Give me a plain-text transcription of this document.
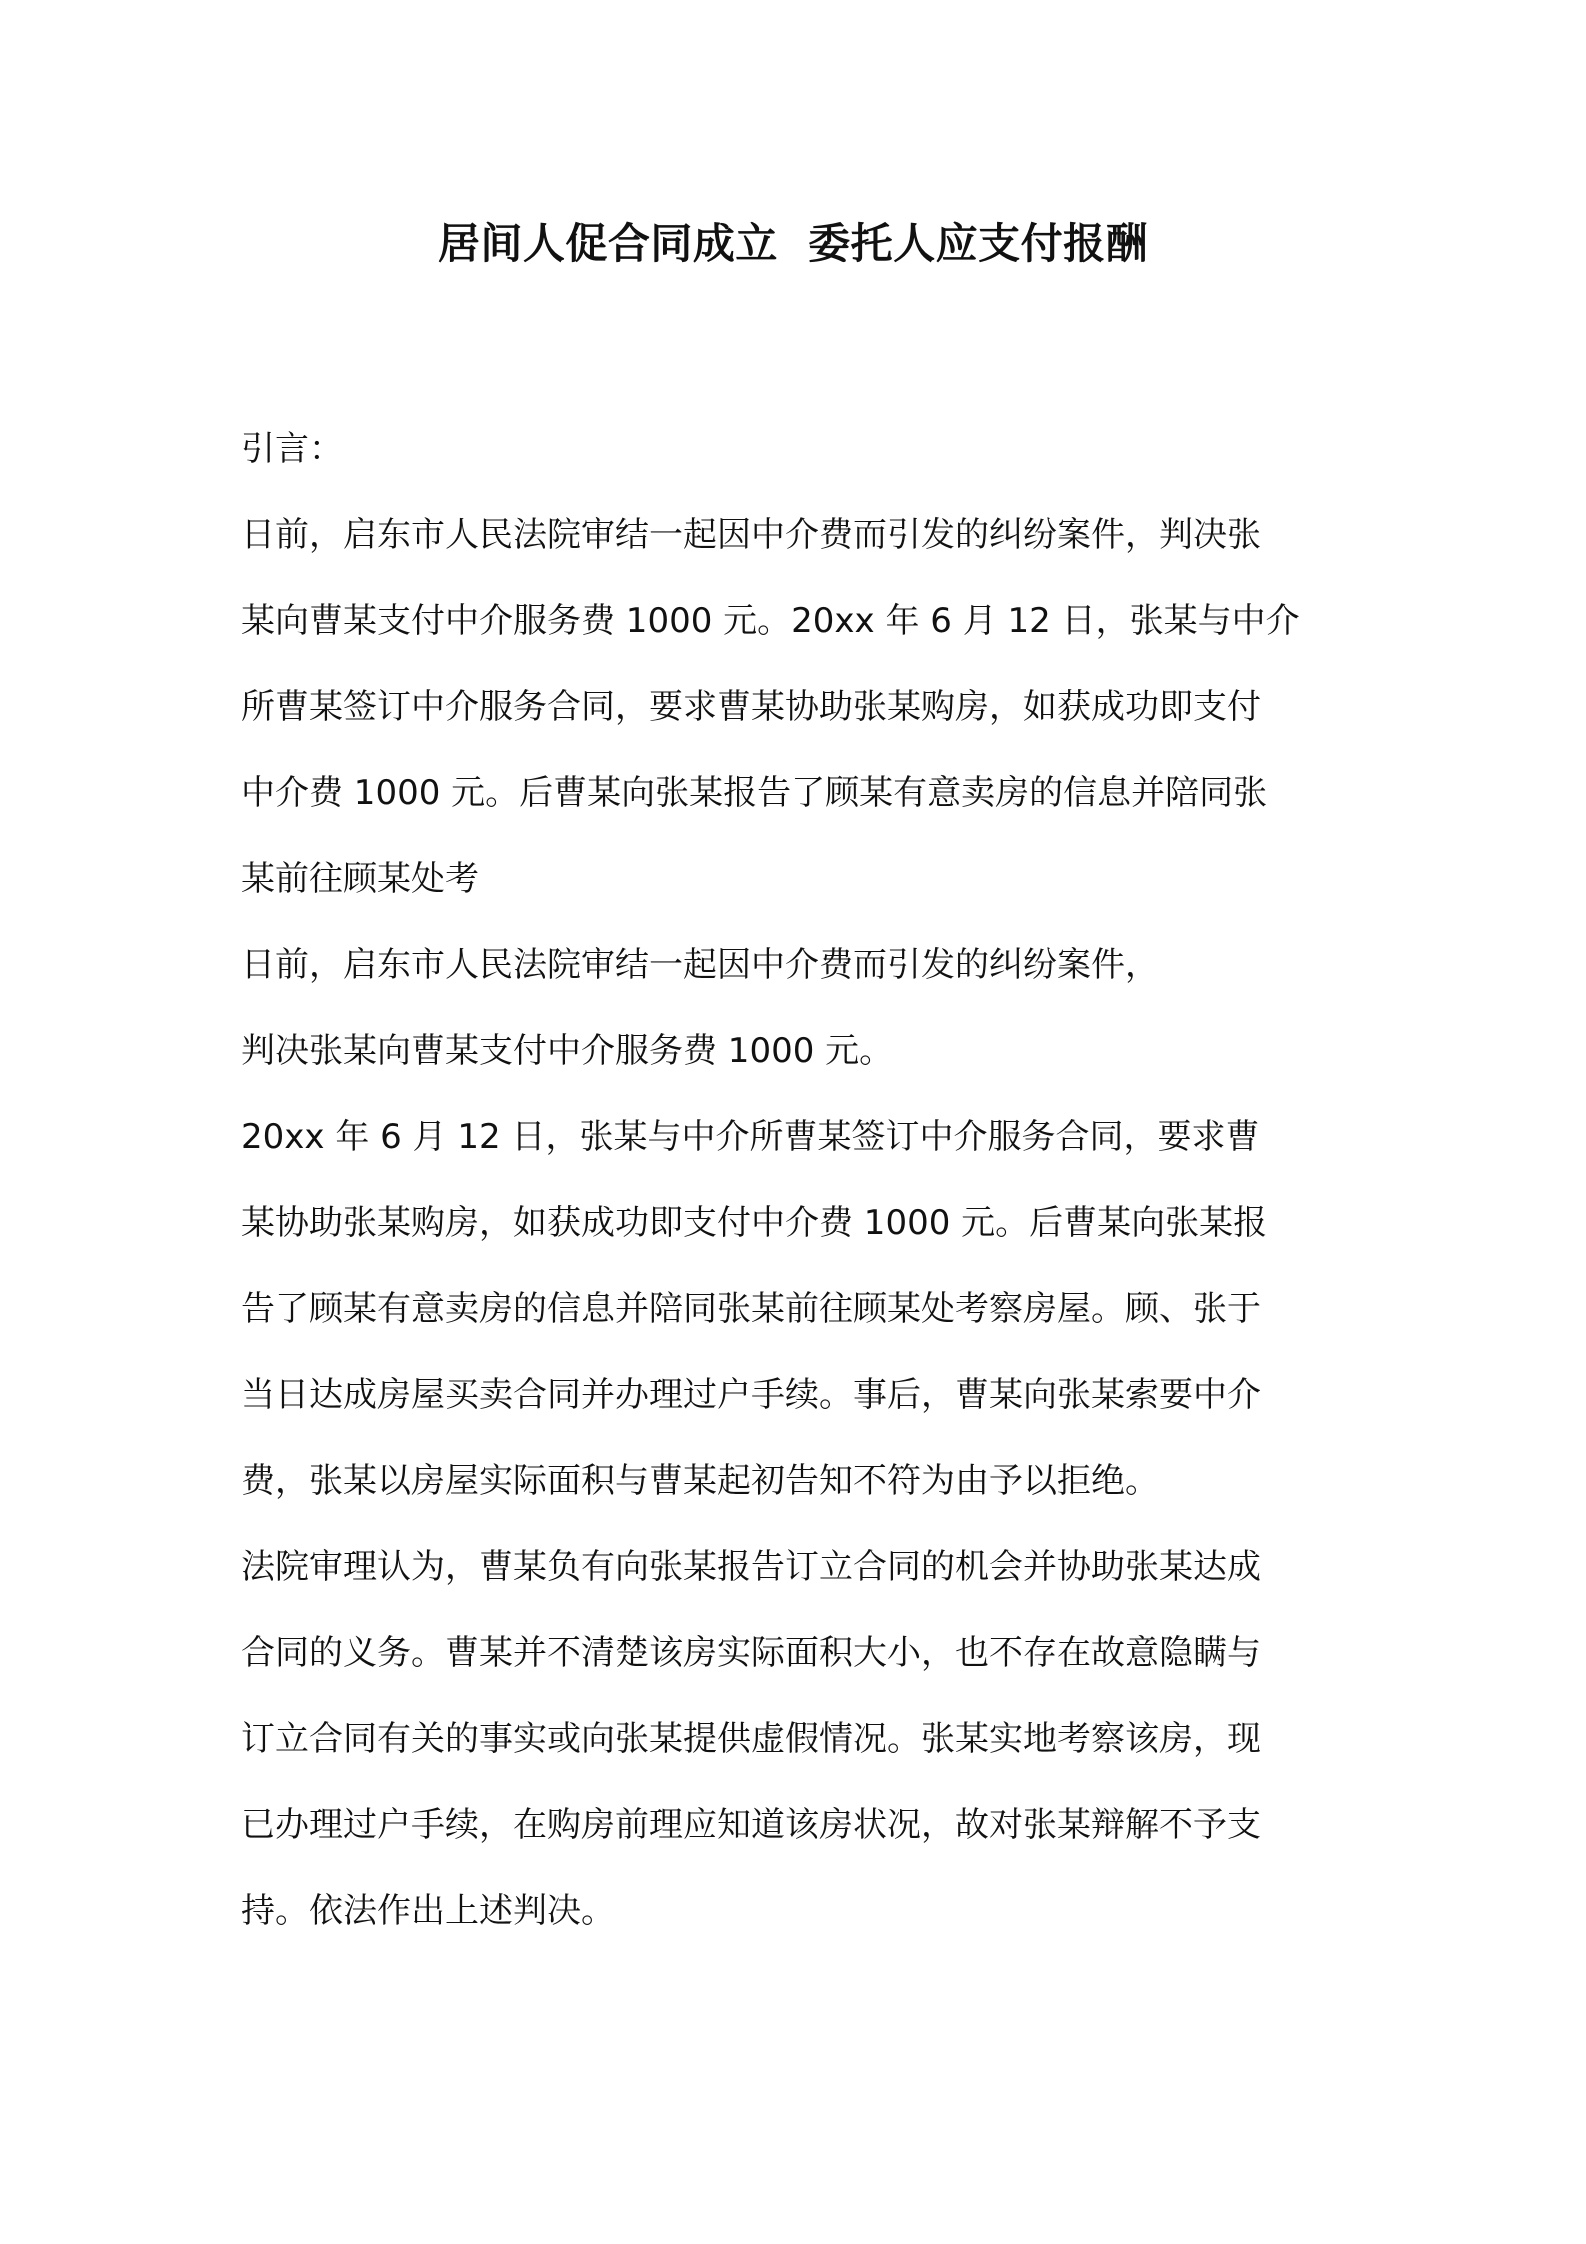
居间人促合同成立  委托人应支付报酬
引言：
日前，启东市人民法院审结一起因中介费而引发的纠纷案件，判决张
某向曹某支付中介服务费 1000 元。20xx 年 6 月 12 日，张某与中介
所曹某签订中介服务合同，要求曹某协助张某购房，如获成功即支付
中介费 1000 元。后曹某向张某报告了顾某有意卖房的信息并陪同张
某前往顾某处考
日前，启东市人民法院审结一起因中介费而引发的纠纷案件，
判决张某向曹某支付中介服务费 1000 元。
20xx 年 6 月 12 日，张某与中介所曹某签订中介服务合同，要求曹
某协助张某购房，如获成功即支付中介费 1000 元。后曹某向张某报
告了顾某有意卖房的信息并陪同张某前往顾某处考察房屋。顾、张于
当日达成房屋买卖合同并办理过户手续。事后，曹某向张某索要中介
费，张某以房屋实际面积与曹某起初告知不符为由予以拒绝。
法院审理认为，曹某负有向张某报告订立合同的机会并协助张某达成
合同的义务。曹某并不清楚该房实际面积大小，也不存在故意隐瞒与
订立合同有关的事实或向张某提供虚假情况。张某实地考察该房，现
已办理过户手续，在购房前理应知道该房状况，故对张某辩解不予支
持。依法作出上述判决。
